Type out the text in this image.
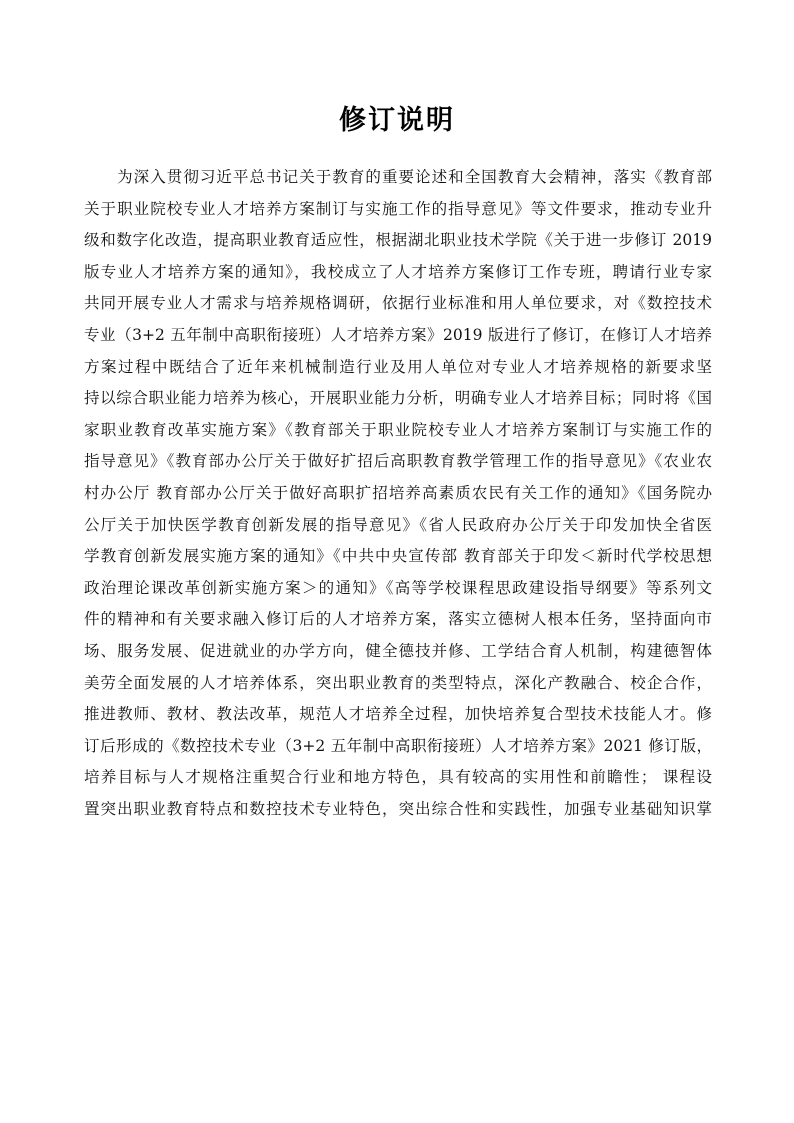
修订说明
　　为深入贯彻习近平总书记关于教育的重要论述和全国教育大会精神，落实《教育部
关于职业院校专业人才培养方案制订与实施工作的指导意见》等文件要求，推动专业升
级和数字化改造，提高职业教育适应性，根据湖北职业技术学院《关于进一步修订 2019
版专业人才培养方案的通知》，我校成立了人才培养方案修订工作专班，聘请行业专家
共同开展专业人才需求与培养规格调研，依据行业标准和用人单位要求，对《数控技术
专业（3+2 五年制中高职衔接班）人才培养方案》2019 版进行了修订，在修订人才培养
方案过程中既结合了近年来机械制造行业及用人单位对专业人才培养规格的新要求坚
持以综合职业能力培养为核心，开展职业能力分析，明确专业人才培养目标；同时将《国
家职业教育改革实施方案》《教育部关于职业院校专业人才培养方案制订与实施工作的
指导意见》《教育部办公厅关于做好扩招后高职教育教学管理工作的指导意见》《农业农
村办公厅 教育部办公厅关于做好高职扩招培养高素质农民有关工作的通知》《国务院办
公厅关于加快医学教育创新发展的指导意见》《省人民政府办公厅关于印发加快全省医
学教育创新发展实施方案的通知》《中共中央宣传部 教育部关于印发＜新时代学校思想
政治理论课改革创新实施方案＞的通知》《高等学校课程思政建设指导纲要》等系列文
件的精神和有关要求融入修订后的人才培养方案，落实立德树人根本任务，坚持面向市
场、服务发展、促进就业的办学方向，健全德技并修、工学结合育人机制，构建德智体
美劳全面发展的人才培养体系，突出职业教育的类型特点，深化产教融合、校企合作，
推进教师、教材、教法改革，规范人才培养全过程，加快培养复合型技术技能人才。修
订后形成的《数控技术专业（3+2 五年制中高职衔接班）人才培养方案》2021 修订版，
培养目标与人才规格注重契合行业和地方特色，具有较高的实用性和前瞻性； 课程设
置突出职业教育特点和数控技术专业特色，突出综合性和实践性，加强专业基础知识掌
